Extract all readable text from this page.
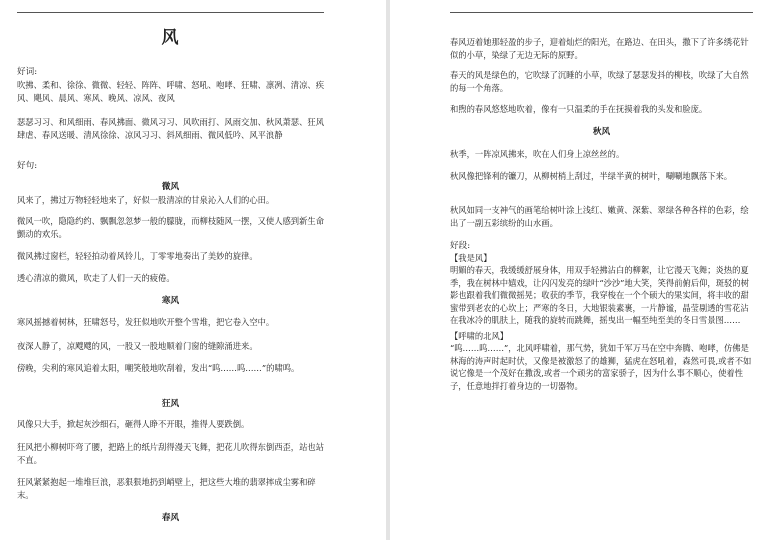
风

好词:

吹拂、柔和、徐徐、微微、轻轻、阵阵、呼啸、怒吼、咆哮、狂啸、凛冽、清凉、疾风、飓风、晨风、寒风、晚风、凉风、夜风

瑟瑟习习、和风细雨、春风拂面、微风习习、风吹雨打、风雨交加、秋风萧瑟、狂风肆虐、春风送暖、清风徐徐、凉风习习、斜风细雨、微风低吟、风平浪静

好句:

微风

风来了，拂过万物轻轻地来了，好似一股清凉的甘泉沁入人们的心田。

微风一吹，隐隐约约、飘飘忽忽梦一般的朦胧，而柳枝随风一摆，又使人感到新生命颤动的欢乐。

微风拂过窗栏，轻轻拍动着风铃儿，丁零零地奏出了美妙的旋律。

透心清凉的微风，吹走了人们一天的疲倦。

寒风

寒风摇撼着树林，狂啸怒号，发狂似地吹开整个雪堆，把它卷入空中。

夜深人静了，凉飕飕的风，一股又一股地顺着门窗的缝隙涌进来。

傍晚，尖利的寒风追着太阳，嘲笑般地吹刮着，发出“呜……呜……”的啸鸣。

狂风

风像只大手，掀起灰沙细石，砸得人睁不开眼，推得人要跌倒。

狂风把小柳树吓弯了腰，把路上的纸片刮得漫天飞舞，把花儿吹得东倒西歪，站也站不直。

狂风紧紧抱起一堆堆巨浪，恶狠狠地扔到峭壁上，把这些大堆的翡翠摔成尘雾和碎末。

春风

春风迈着她那轻盈的步子，迎着灿烂的阳光，在路边、在田头，撒下了许多绣花针似的小草，染绿了无边无际的原野。

春天的风是绿色的，它吹绿了沉睡的小草，吹绿了瑟瑟发抖的柳枝，吹绿了大自然的每一个角落。

和煦的春风悠悠地吹着，像有一只温柔的手在抚摸着我的头发和脸庞。

秋风

秋季，一阵凉风拂来，吹在人们身上凉丝丝的。

秋风像把锋利的镰刀，从柳树梢上刮过，半绿半黄的树叶，唰唰地飘落下来。

秋风如同一支神气的画笔给树叶涂上浅红、嫩黄、深紫、翠绿各种各样的色彩，绘出了一副五彩缤纷的山水画。

好段:

【我是风】

明媚的春天，我缓缓舒展身体，用双手轻拂沾白的柳絮，让它漫天飞舞；炎热的夏季，我在树林中嬉戏，让闪闪发亮的绿叶“沙沙”地大笑，笑得前俯后仰，斑驳的树影也跟着我们微微摇晃；收获的季节，我穿梭在一个个硕大的果实间，将丰收的甜蜜带到老农的心坎上；严寒的冬日，大地银装素裹，一片静谧，晶莹剔透的雪花沾在我冰冷的肌肤上，随我的旋转而跳舞，摇曳出一幅至纯至美的冬日雪景图……

【呼啸的北风】

“呜……呜……”，北风呼啸着，那气势，犹如千军万马在空中奔腾、咆哮，仿佛是林海的涛声时起时伏，又像是被激怒了的雄狮，猛虎在怒吼着，森然可畏,或者不如说它像是一个茂好在撒泼,或者一个顽劣的富家骄子，因为什么事不顺心，使着性子，任意地拌打着身边的一切器物。
